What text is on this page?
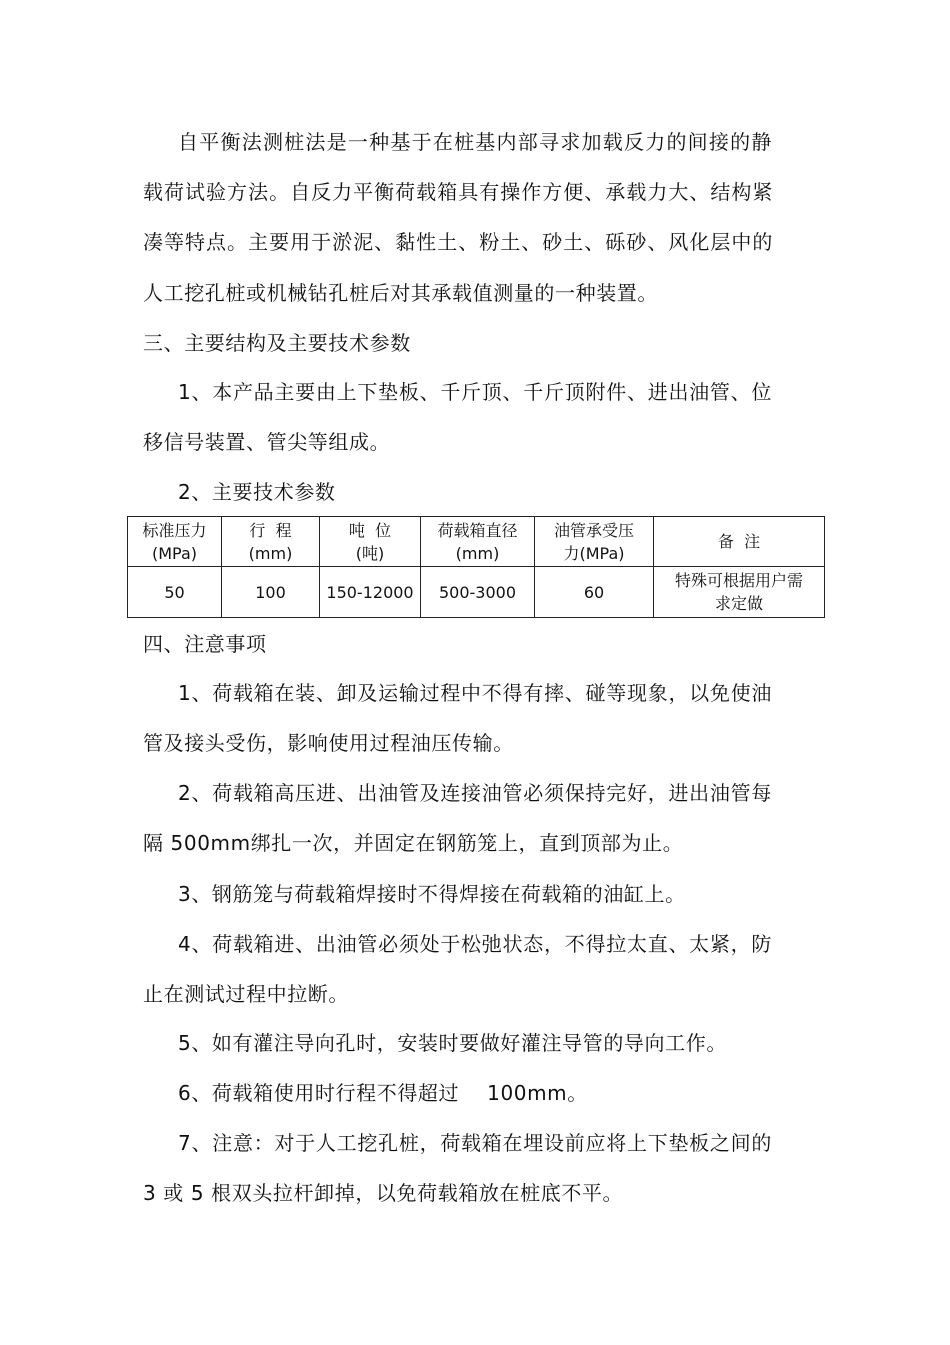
自平衡法测桩法是一种基于在桩基内部寻求加载反力的间接的静
载荷试验方法。自反力平衡荷载箱具有操作方便、承载力大、结构紧
凑等特点。主要用于淤泥、黏性土、粉土、砂土、砾砂、风化层中的
人工挖孔桩或机械钻孔桩后对其承载值测量的一种装置。
三、主要结构及主要技术参数
1、本产品主要由上下垫板、千斤顶、千斤顶附件、进出油管、位
移信号装置、管尖等组成。
2、主要技术参数
标准压力
(MPa)	行  程
(mm)	吨  位
(吨)	荷载箱直径
(mm)	油管承受压
力(MPa)	备  注
50	100	150-12000	500-3000	60	特殊可根据用户需求定做
四、注意事项
1、荷载箱在装、卸及运输过程中不得有摔、碰等现象，以免使油
管及接头受伤，影响使用过程油压传输。
2、荷载箱高压进、出油管及连接油管必须保持完好，进出油管每
隔 500mm绑扎一次，并固定在钢筋笼上，直到顶部为止。
3、钢筋笼与荷载箱焊接时不得焊接在荷载箱的油缸上。
4、荷载箱进、出油管必须处于松弛状态，不得拉太直、太紧，防
止在测试过程中拉断。
5、如有灌注导向孔时，安装时要做好灌注导管的导向工作。
6、荷载箱使用时行程不得超过 100mm。
7、注意：对于人工挖孔桩，荷载箱在埋设前应将上下垫板之间的
3 或 5 根双头拉杆卸掉，以免荷载箱放在桩底不平。
